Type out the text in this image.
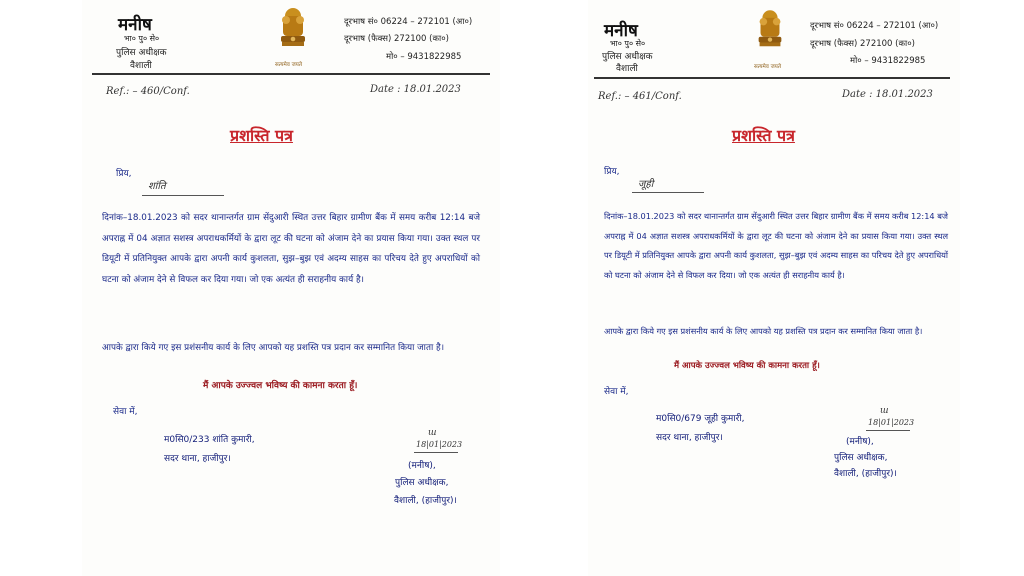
मनीष
भा० पु० से०
पुलिस अधीक्षक
वैशाली	सत्यमेव जयते
दूरभाष सं० 06224 – 272101 (आ०)
दूरभाष (फैक्स) 272100 (का०)
मो० – 9431822985
Ref.: – 460/Conf.	Date : 18.01.2023
प्रशस्ति पत्र
प्रिय,
शांति
दिनांक–18.01.2023 को सदर थानान्तर्गत ग्राम सेंदुआरी स्थित उत्तर बिहार ग्रामीण बैंक में समय करीब 12:14 बजे अपराह्न में 04 अज्ञात सशस्त्र अपराधकर्मियों के द्वारा लूट की घटना को अंजाम देने का प्रयास किया गया। उक्त स्थल पर डियूटी में प्रतिनियुक्त आपके द्वारा अपनी कार्य कुशलता, सुझ–बुझ एवं अदम्य साहस का परिचय देते हुए अपराधियों को घटना को अंजाम देने से विफल कर दिया गया। जो एक अत्यंत ही सराहनीय कार्य है।
आपके द्वारा किये गए इस प्रशंसनीय कार्य के लिए आपको यह प्रशस्ति पत्र प्रदान कर सम्मानित किया जाता है।
मैं आपके उज्ज्वल भविष्य की कामना करता हूँ।
सेवा में,
म0सि0/233 शांति कुमारी,
सदर थाना, हाजीपुर।
ш
18|01|2023
(मनीष),
पुलिस अधीक्षक,
वैशाली, (हाजीपुर)।
मनीष
भा० पु० से०
पुलिस अधीक्षक
वैशाली	सत्यमेव जयते
दूरभाष सं० 06224 – 272101 (आ०)
दूरभाष (फैक्स) 272100 (का०)
मो० – 9431822985
Ref.: – 461/Conf.	Date : 18.01.2023
प्रशस्ति पत्र
प्रिय,
जूही
दिनांक–18.01.2023 को सदर थानान्तर्गत ग्राम सेंदुआरी स्थित उत्तर बिहार ग्रामीण बैंक में समय करीब 12:14 बजे अपराह्न में 04 अज्ञात सशस्त्र अपराधकर्मियों के द्वारा लूट की घटना को अंजाम देने का प्रयास किया गया। उक्त स्थल पर डियूटी में प्रतिनियुक्त आपके द्वारा अपनी कार्य कुशलता, सुझ–बुझ एवं अदम्य साहस का परिचय देते हुए अपराधियों को घटना को अंजाम देने से विफल कर दिया। जो एक अत्यंत ही सराहनीय कार्य है।
आपके द्वारा किये गए इस प्रशंसनीय कार्य के लिए आपको यह प्रशस्ति पत्र प्रदान कर सम्मानित किया जाता है।
मैं आपके उज्ज्वल भविष्य की कामना करता हूँ।
सेवा में,
म0सि0/679 जूही कुमारी,
सदर थाना, हाजीपुर।
ш
18|01|2023
(मनीष),
पुलिस अधीक्षक,
वैशाली, (हाजीपुर)।
